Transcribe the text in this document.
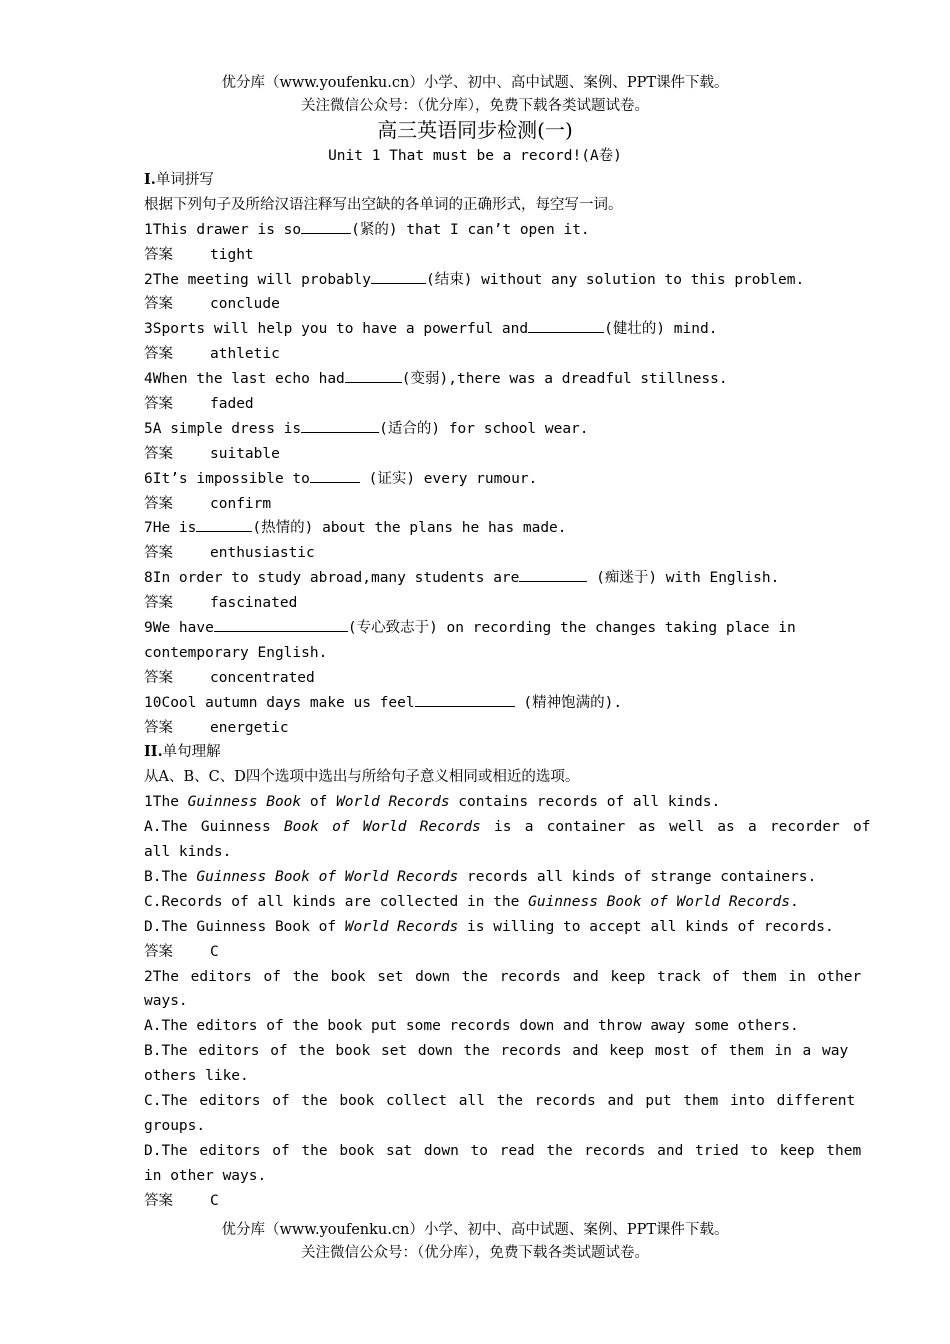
优分库（www.youfenku.cn）小学、初中、高中试题、案例、PPT课件下载。
关注微信公众号：（优分库），免费下载各类试题试卷。
高三英语同步检测(一)
Unit 1 That must be a record!(A卷)
I.单词拼写
根据下列句子及所给汉语注释写出空缺的各单词的正确形式，每空写一词。
1This drawer is so	(紧的) that I can’t open it.
答案	tight
2The meeting will probably	(结束) without any solution to this problem.
答案	conclude
3Sports will help you to have a powerful and	(健壮的) mind.
答案	athletic
4When the last echo had	(变弱),there was a dreadful stillness.
答案	faded
5A simple dress is	(适合的) for school wear.
答案	suitable
6It’s impossible to	(证实) every rumour.
答案	confirm
7He is	(热情的) about the plans he has made.
答案	enthusiastic
8In order to study abroad,many students are	(痴迷于) with English.
答案	fascinated
9We have	(专心致志于) on recording the changes taking place in
contemporary English.
答案	concentrated
10Cool autumn days make us feel	(精神饱满的).
答案	energetic
II.单句理解
从A、B、C、D四个选项中选出与所给句子意义相同或相近的选项。
1The Guinness Book of World Records contains records of all kinds.
A.The Guinness Book of World Records is a container as well as a recorder of
all kinds.
B.The Guinness Book of World Records records all kinds of strange containers.
C.Records of all kinds are collected in the Guinness Book of World Records.
D.The Guinness Book of World Records is willing to accept all kinds of records.
答案	C
2The editors of the book set down the records and keep track of them in other
ways.
A.The editors of the book put some records down and throw away some others.
B.The editors of the book set down the records and keep most of them in a way
others like.
C.The editors of the book collect all the records and put them into different
groups.
D.The editors of the book sat down to read the records and tried to keep them
in other ways.
答案	C
优分库（www.youfenku.cn）小学、初中、高中试题、案例、PPT课件下载。
关注微信公众号：（优分库），免费下载各类试题试卷。
